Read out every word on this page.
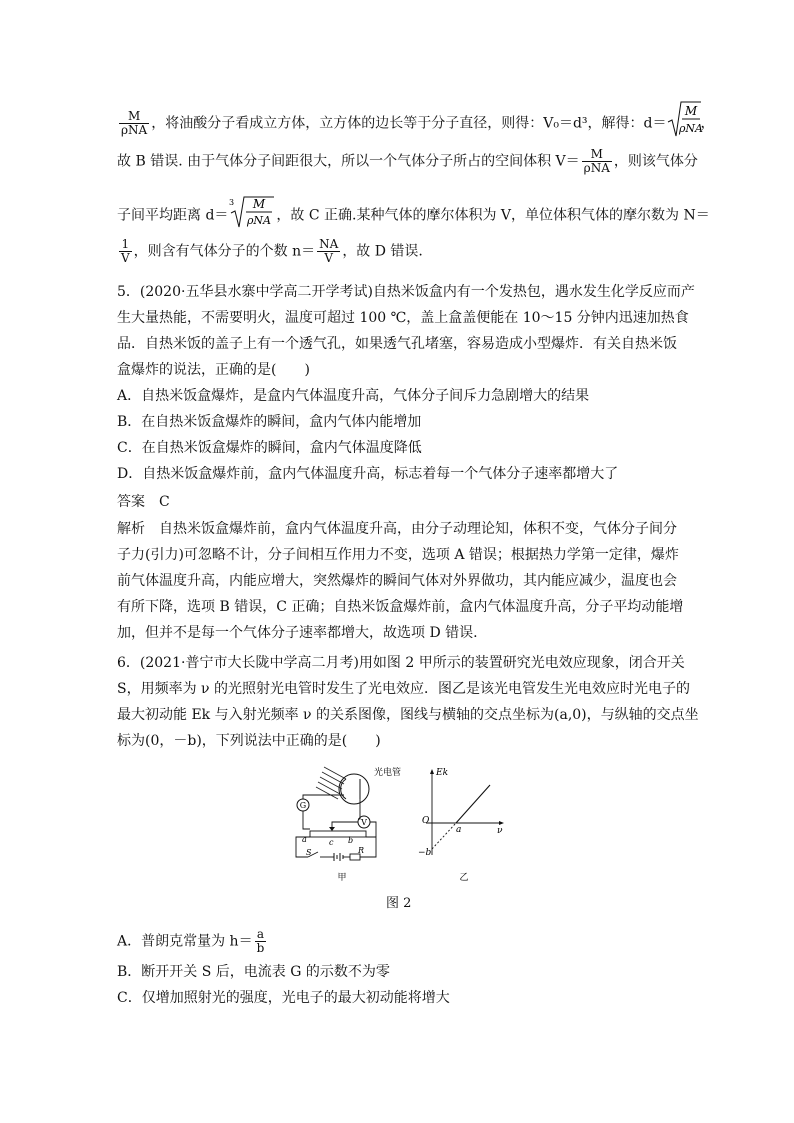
$\frac{M}{\text{ρNA}}$ ，将油酸分子看成立方体，立方体的边长等于分子直径，则得：V₀＝d³，解得：d＝
M
ρNA
，
故 B 错误. 由于气体分子间距很大，所以一个气体分子所占的空间体积 $V= \frac{M}{\text{ρNA}}$ ，则该气体分
子间平均距离 d＝
3 M
ρNA ，故 C 正确.某种气体的摩尔体积为 V，单位体积气体的摩尔数为 N＝
$\frac{1}{V}$ ，则含有气体分子的个数 $n= \frac{NA}{V}$ ，故 D 错误.
5．(2020·五华县水寨中学高二开学考试)自热米饭盒内有一个发热包，遇水发生化学反应而产
生大量热能，不需要明火，温度可超过 100 ℃，盖上盒盖便能在 10～15 分钟内迅速加热食
品．自热米饭的盖子上有一个透气孔，如果透气孔堵塞，容易造成小型爆炸．有关自热米饭
盒爆炸的说法，正确的是(　　)
A．自热米饭盒爆炸，是盒内气体温度升高，气体分子间斥力急剧增大的结果
B．在自热米饭盒爆炸的瞬间，盒内气体内能增加
C．在自热米饭盒爆炸的瞬间，盒内气体温度降低
D．自热米饭盒爆炸前，盒内气体温度升高，标志着每一个气体分子速率都增大了
答案　C
解析　自热米饭盒爆炸前，盒内气体温度升高，由分子动理论知，体积不变，气体分子间分
子力(引力)可忽略不计，分子间相互作用力不变，选项 A 错误；根据热力学第一定律，爆炸
前气体温度升高，内能应增大，突然爆炸的瞬间气体对外界做功，其内能应减少，温度也会
有所下降，选项 B 错误，C 正确；自热米饭盒爆炸前，盒内气体温度升高，分子平均动能增
加，但并不是每一个气体分子速率都增大，故选项 D 错误.
6．(2021·普宁市大长陇中学高二月考)用如图 2 甲所示的装置研究光电效应现象，闭合开关
S，用频率为 ν 的光照射光电管时发生了光电效应．图乙是该光电管发生光电效应时光电子的
最大初动能 Ek 与入射光频率 ν 的关系图像，图线与横轴的交点坐标为(a,0)，与纵轴的交点坐
标为(0，－b)，下列说法中正确的是(　　)
光电管
G
V
a	c b
S	R
甲
Ek
O
ν
a
−b
乙
图 2
A．普朗克常量为 $h= \frac{a}{b}$
B．断开开关 S 后，电流表 G 的示数不为零
C．仅增加照射光的强度，光电子的最大初动能将增大
